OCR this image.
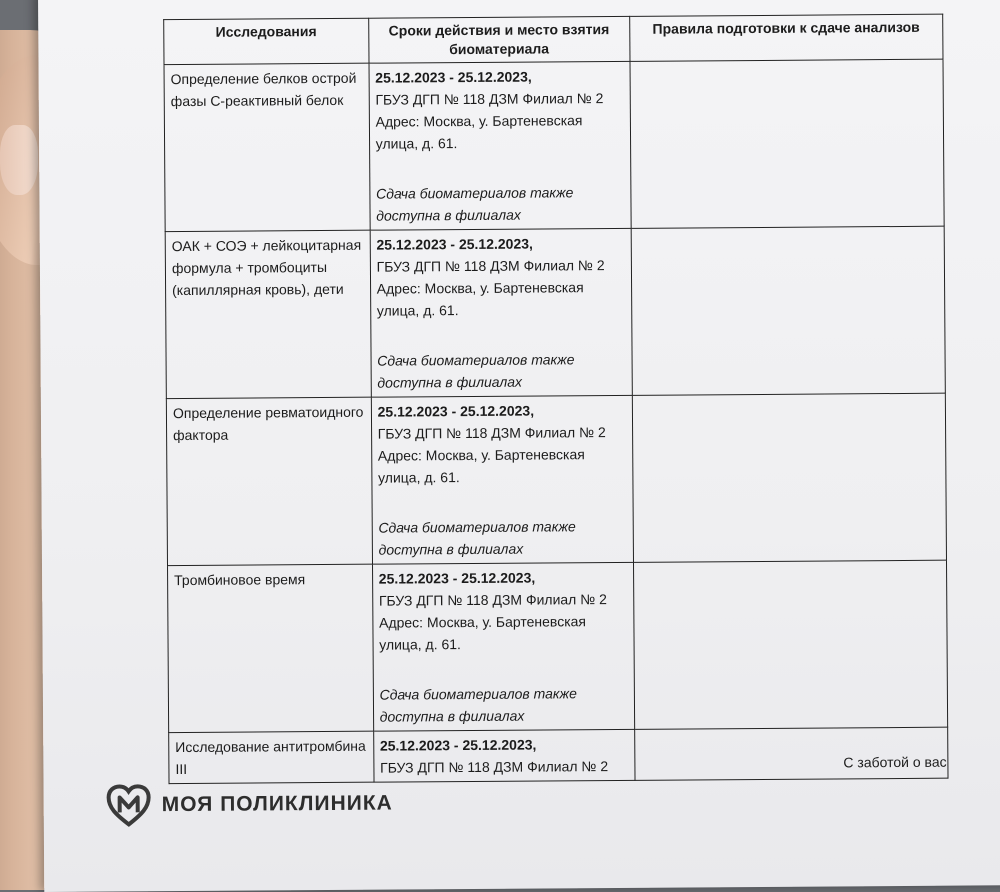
Исследования	Сроки действия и место взятия биоматериала	Правила подготовки к сдаче анализов
Определение белков острой фазы С-реактивный белок	25.12.2023 - 25.12.2023,
ГБУЗ ДГП № 118 ДЗМ Филиал № 2
Адрес: Москва, у. Бартеневская улица, д. 61.
Сдача биоматериалов также доступна в филиалах	

ОАК + СОЭ + лейкоцитарная формула + тромбоциты (капиллярная кровь), дети	25.12.2023 - 25.12.2023,
ГБУЗ ДГП № 118 ДЗМ Филиал № 2
Адрес: Москва, у. Бартеневская улица, д. 61.
Сдача биоматериалов также доступна в филиалах	

Определение ревматоидного фактора	25.12.2023 - 25.12.2023,
ГБУЗ ДГП № 118 ДЗМ Филиал № 2
Адрес: Москва, у. Бартеневская улица, д. 61.
Сдача биоматериалов также доступна в филиалах	

Тромбиновое время	25.12.2023 - 25.12.2023,
ГБУЗ ДГП № 118 ДЗМ Филиал № 2
Адрес: Москва, у. Бартеневская улица, д. 61.
Сдача биоматериалов также доступна в филиалах	

Исследование антитромбина III	25.12.2023 - 25.12.2023,
ГБУЗ ДГП № 118 ДЗМ Филиал № 2	
		С заботой о вас
МОЯ ПОЛИКЛИНИКА
